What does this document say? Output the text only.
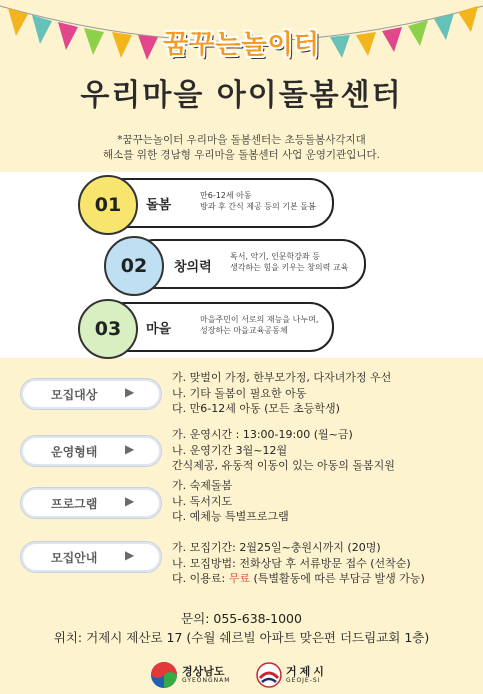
꿈꾸는놀이터
우리마을 아이돌봄센터
*꿈꾸는놀이터 우리마을 돌봄센터는 초등돌봄사각지대
해소를 위한 경남형 우리마을 돌봄센터 사업 운영기관입니다.
01	돌봄
만6-12세 아동
방과 후 간식 제공 등의 기본 돌봄
02	창의력
독서, 악기, 인문학강좌 등
생각하는 힘을 키우는 창의력 교육
03	마을
마을주민이 서로의 재능을 나누며,
성장하는 마을교육공동체
모집대상 ▶
가. 맞벌이 가정, 한부모가정, 다자녀가정 우선
나. 기타 돌봄이 필요한 아동
다. 만6-12세 아동 (모든 초등학생)
운영형태 ▶
가. 운영시간 : 13:00-19:00 (월~금)
나. 운영기간 3월~12월
간식제공, 유동적 이동이 있는 아동의 돌봄지원
프로그램 ▶
가. 숙제돌봄
나. 독서지도
다. 예체능 특별프로그램
모집안내 ▶
가. 모집기간: 2월25일~충원시까지 (20명)
나. 모집방법: 전화상담 후 서류방문 접수 (선착순)
다. 이용료: 무료 (특별활동에 따른 부담금 발생 가능)
문의: 055-638-1000
위치: 거제시 제산로 17 (수월 쉐르빌 아파트 맞은편 더드림교회 1층)
경상남도
GYEONGNAM
거제시
GEOJE-SI
